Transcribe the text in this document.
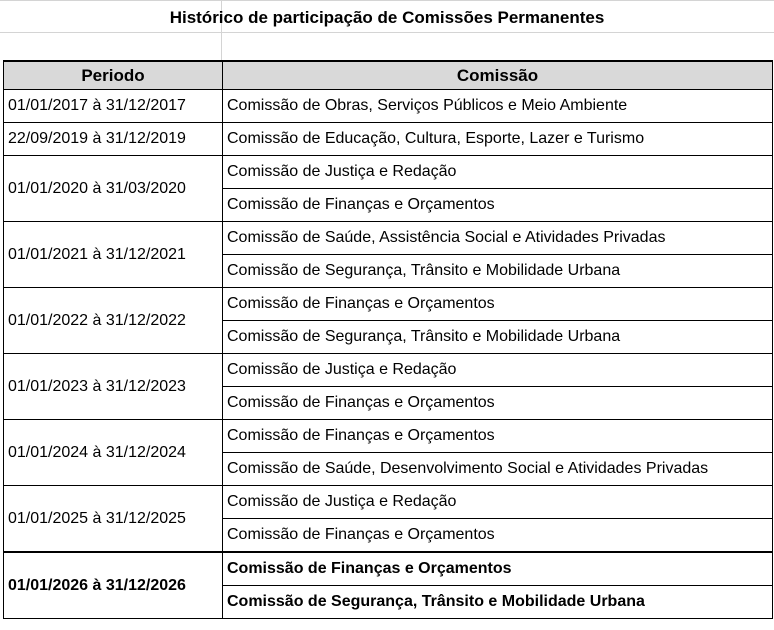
Histórico de participação de Comissões Permanentes
Periodo	Comissão
01/01/2017 à 31/12/2017	Comissão de Obras, Serviços Públicos e Meio Ambiente
22/09/2019 à 31/12/2019	Comissão de Educação, Cultura, Esporte, Lazer e Turismo
01/01/2020 à 31/03/2020	Comissão de Justiça e Redação
	Comissão de Finanças e Orçamentos
01/01/2021 à 31/12/2021	Comissão de Saúde, Assistência Social e Atividades Privadas
	Comissão de Segurança, Trânsito e Mobilidade Urbana
01/01/2022 à 31/12/2022	Comissão de Finanças e Orçamentos
	Comissão de Segurança, Trânsito e Mobilidade Urbana
01/01/2023 à 31/12/2023	Comissão de Justiça e Redação
	Comissão de Finanças e Orçamentos
01/01/2024 à 31/12/2024	Comissão de Finanças e Orçamentos
	Comissão de Saúde, Desenvolvimento Social e Atividades Privadas
01/01/2025 à 31/12/2025	Comissão de Justiça e Redação
	Comissão de Finanças e Orçamentos
01/01/2026 à 31/12/2026	Comissão de Finanças e Orçamentos
	Comissão de Segurança, Trânsito e Mobilidade Urbana
